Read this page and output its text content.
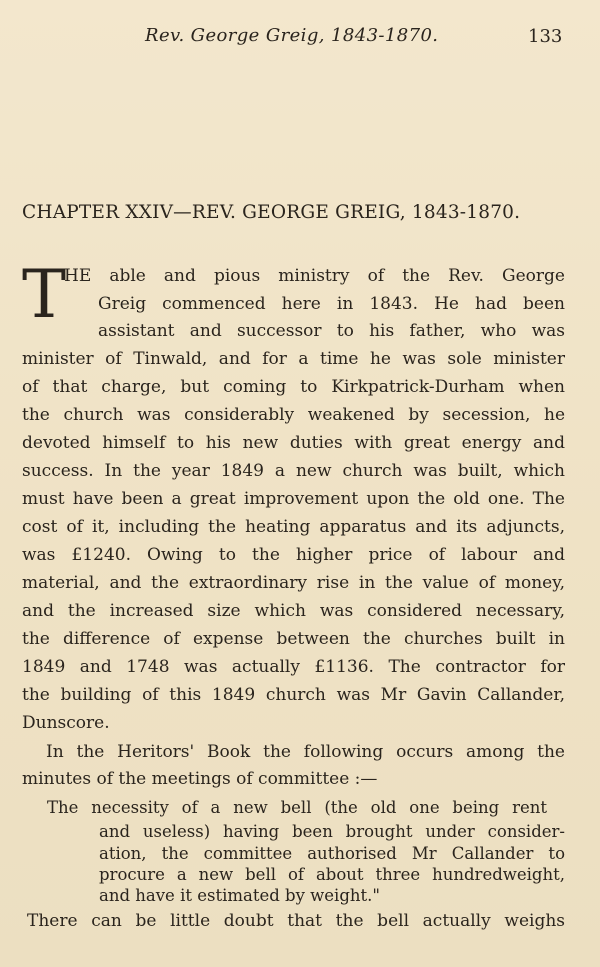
Rev. George Greig, 1843-1870.	133
CHAPTER XXIV—REV. GEORGE GREIG, 1843-1870.
T
HE able and pious ministry of the Rev. George
Greig commenced here in 1843. He had been
assistant and successor to his father, who was
minister of Tinwald, and for a time he was sole minister
of that charge, but coming to Kirkpatrick-Durham when
the church was considerably weakened by secession, he
devoted himself to his new duties with great energy and
success. In the year 1849 a new church was built, which
must have been a great improvement upon the old one. The
cost of it, including the heating apparatus and its adjuncts,
was £1240. Owing to the higher price of labour and
material, and the extraordinary rise in the value of money,
and the increased size which was considered necessary,
the difference of expense between the churches built in
1849 and 1748 was actually £1136. The contractor for
the building of this 1849 church was Mr Gavin Callander,
Dunscore.
In the Heritors' Book the following occurs among the
minutes of the meetings of committee :—
The necessity of a new bell (the old one being rent
and useless) having been brought under consider-
ation, the committee authorised Mr Callander to
procure a new bell of about three hundredweight,
and have it estimated by weight."
There can be little doubt that the bell actually weighs
